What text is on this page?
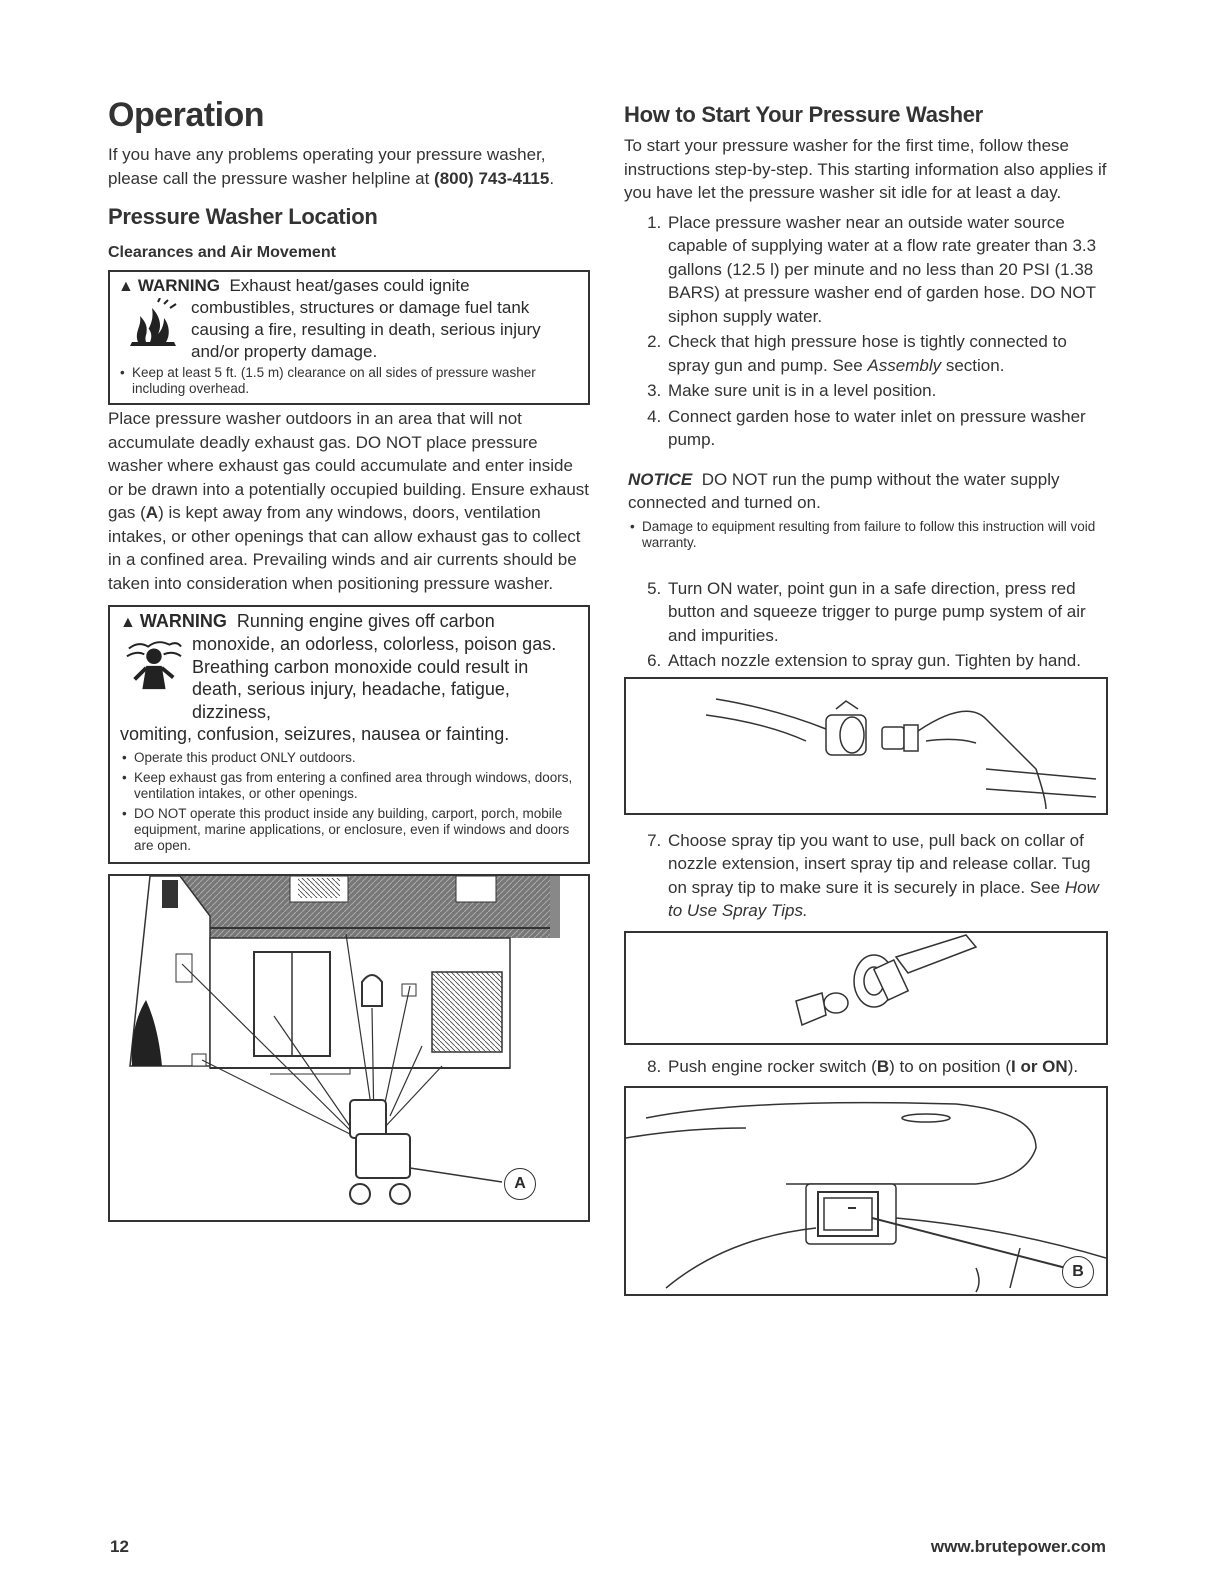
Operation

If you have any problems operating your pressure washer, please call the pressure washer helpline at (800) 743-4115.

Pressure Washer Location
Clearances and Air Movement
▲ WARNING Exhaust heat/gases could ignite
combustibles, structures or damage fuel tank causing a fire, resulting in death, serious injury and/or property damage.
• Keep at least 5 ft. (1.5 m) clearance on all sides of pressure washer including overhead.

Place pressure washer outdoors in an area that will not accumulate deadly exhaust gas. DO NOT place pressure washer where exhaust gas could accumulate and enter inside or be drawn into a potentially occupied building. Ensure exhaust gas (A) is kept away from any windows, doors, ventilation intakes, or other openings that can allow exhaust gas to collect in a confined area. Prevailing winds and air currents should be taken into consideration when positioning pressure washer.

▲ WARNING Running engine gives off carbon
monoxide, an odorless, colorless, poison gas. Breathing carbon monoxide could result in death, serious injury, headache, fatigue, dizziness,
vomiting, confusion, seizures, nausea or fainting.
• Operate this product ONLY outdoors.
• Keep exhaust gas from entering a confined area through windows, doors, ventilation intakes, or other openings.
• DO NOT operate this product inside any building, carport, porch, mobile equipment, marine applications, or enclosure, even if windows and doors are open.
A
How to Start Your Pressure Washer

To start your pressure washer for the first time, follow these instructions step-by-step. This starting information also applies if you have let the pressure washer sit idle for at least a day.

1. Place pressure washer near an outside water source capable of supplying water at a flow rate greater than 3.3 gallons (12.5 l) per minute and no less than 20 PSI (1.38 BARS) at pressure washer end of garden hose. DO NOT siphon supply water.
2. Check that high pressure hose is tightly connected to spray gun and pump. See Assembly section.
3. Make sure unit is in a level position.
4. Connect garden hose to water inlet on pressure washer pump.

NOTICE DO NOT run the pump without the water supply connected and turned on.

• Damage to equipment resulting from failure to follow this instruction will void warranty.
5. Turn ON water, point gun in a safe direction, press red button and squeeze trigger to purge pump system of air and impurities.
6. Attach nozzle extension to spray gun. Tighten by hand.
7. Choose spray tip you want to use, pull back on collar of nozzle extension, insert spray tip and release collar. Tug on spray tip to make sure it is securely in place. See How to Use Spray Tips.
8. Push engine rocker switch (B) to on position (I or ON).
B
12	www.brutepower.com
